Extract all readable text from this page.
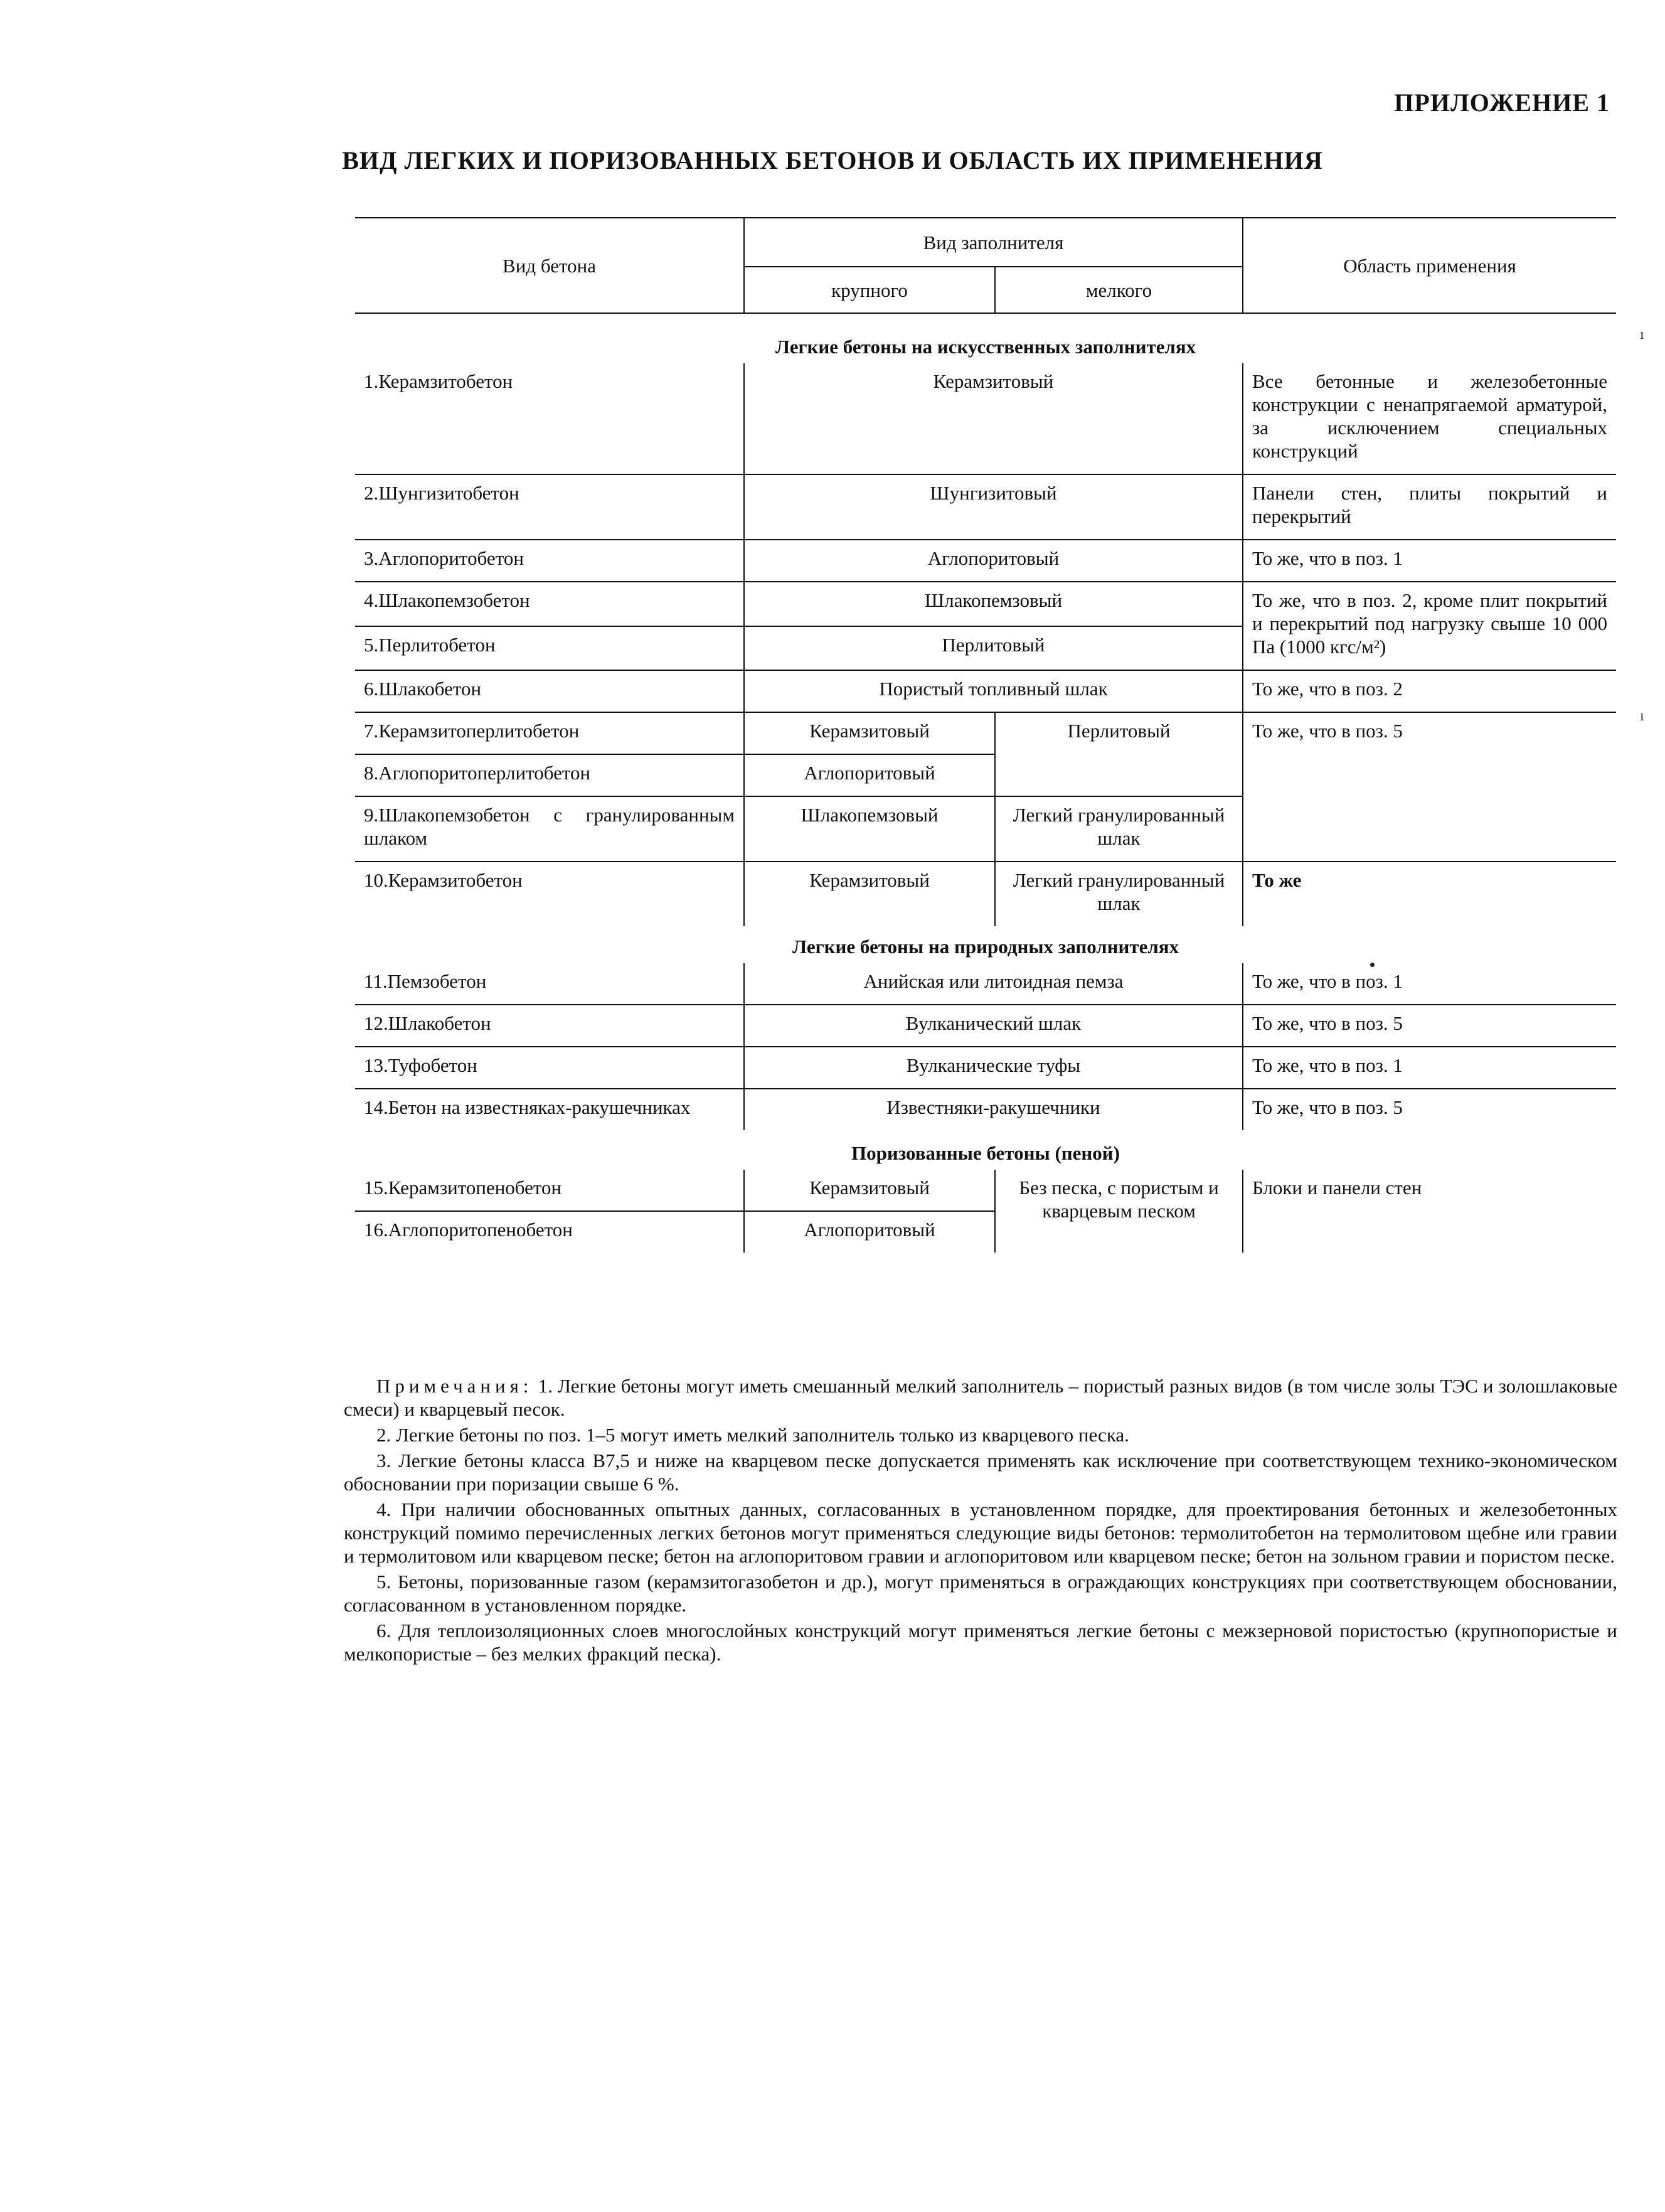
ПРИЛОЖЕНИЕ 1
ВИД ЛЕГКИХ И ПОРИЗОВАННЫХ БЕТОНОВ И ОБЛАСТЬ ИХ ПРИМЕНЕНИЯ
Вид бетона	Вид заполнителя		Область применения
	крупного	мелкого	
Легкие бетоны на искусственных заполнителях			
1.Керамзитобетон	Керамзитовый		Все бетонные и железобетонные конструкции с ненапрягаемой арматурой, за исключением специальных конструкций
2.Шунгизитобетон	Шунгизитовый		Панели стен, плиты покрытий и перекрытий
3.Аглопоритобетон	Аглопоритовый		То же, что в поз. 1
4.Шлакопемзобетон	Шлакопемзовый		То же, что в поз. 2, кроме плит покрытий и перекрытий под нагрузку свыше 10 000 Па (1000 кгс/м²)
5.Перлитобетон	Перлитовый		
6.Шлакобетон	Пористый топливный шлак		То же, что в поз. 2
7.Керамзитоперлитобетон	Керамзитовый	Перлитовый	То же, что в поз. 5
8.Аглопоритоперлитобетон	Аглопоритовый		
9.Шлакопемзобетон с гранулированным шлаком	Шлакопемзовый	Легкий гранулированный шлак	
10.Керамзитобетон	Керамзитовый	Легкий гранулированный шлак	То же
Легкие бетоны на природных заполнителях			
11.Пемзобетон	Анийская или литоидная пемза		То же, что в поз. 1
12.Шлакобетон	Вулканический шлак		То же, что в поз. 5
13.Туфобетон	Вулканические туфы		То же, что в поз. 1
14.Бетон на известняках-ракушечниках	Известняки-ракушечники		То же, что в поз. 5
Поризованные бетоны (пеной)			
15.Керамзитопенобетон	Керамзитовый	Без песка, с пористым и кварцевым песком	Блоки и панели стен
16.Аглопоритопенобетон	Аглопоритовый		

Примечания: 1. Легкие бетоны могут иметь смешанный мелкий заполнитель – пористый разных видов (в том числе золы ТЭС и золошлаковые смеси) и кварцевый песок.

2. Легкие бетоны по поз. 1–5 могут иметь мелкий заполнитель только из кварцевого песка.

3. Легкие бетоны класса В7,5 и ниже на кварцевом песке допускается применять как исключение при соответствующем технико-экономическом обосновании при поризации свыше 6 %.

4. При наличии обоснованных опытных данных, согласованных в установленном порядке, для проектирования бетонных и железобетонных конструкций помимо перечисленных легких бетонов могут применяться следующие виды бетонов: термолитобетон на термолитовом щебне или гравии и термолитовом или кварцевом песке; бетон на аглопоритовом гравии и аглопоритовом или кварцевом песке; бетон на зольном гравии и пористом песке.

5. Бетоны, поризованные газом (керамзитогазобетон и др.), могут применяться в ограждающих конструкциях при соответствующем обосновании, согласованном в установленном порядке.

6. Для теплоизоляционных слоев многослойных конструкций могут применяться легкие бетоны с межзерновой пористостью (крупнопористые и мелкопористые – без мелких фракций песка).

ı
ı
